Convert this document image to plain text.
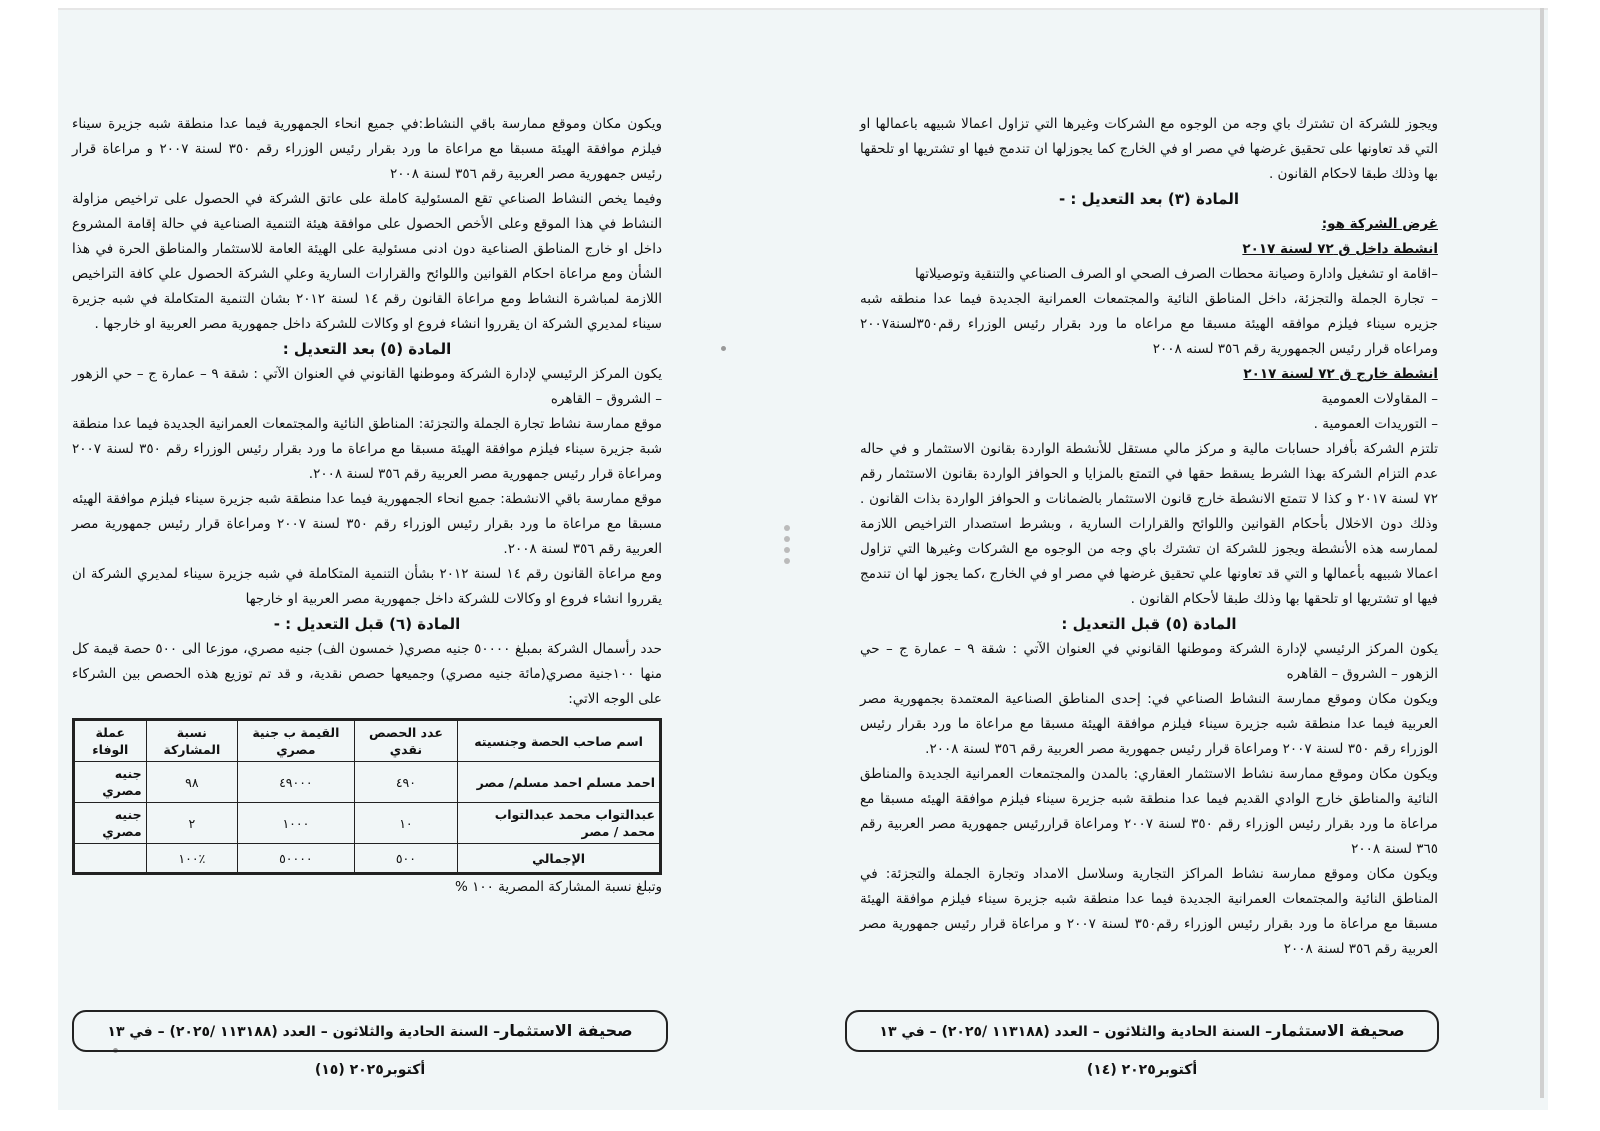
ويجوز للشركة ان تشترك باي وجه من الوجوه مع الشركات وغيرها التي تزاول اعمالا شبيهه باعمالها او التي قد تعاونها على تحقيق غرضها في مصر او في الخارج كما يجوزلها ان تندمج فيها او تشتريها او تلحقها بها وذلك طبقا لاحكام القانون .

المادة (٣) بعد التعديل : -

غرض الشركة هو:

انشطة داخل ق ٧٢ لسنة ٢٠١٧

–اقامة او تشغيل وادارة وصيانة محطات الصرف الصحي او الصرف الصناعي والتنقية وتوصيلاتها

– تجارة الجملة والتجزئة، داخل المناطق النائية والمجتمعات العمرانية الجديدة فيما عدا منطقه شبه جزيره سيناء فيلزم موافقه الهيئة مسبقا مع مراعاه ما ورد بقرار رئيس الوزراء رقم٣٥٠لسنة٢٠٠٧ ومراعاه قرار رئيس الجمهورية رقم ٣٥٦ لسنه ٢٠٠٨

انشطة خارج ق ٧٢ لسنة ٢٠١٧

– المقاولات العمومية

– التوريدات العمومية .

تلتزم الشركة بأفراد حسابات مالية و مركز مالي مستقل للأنشطة الواردة بقانون الاستثمار و في حاله عدم التزام الشركة بهذا الشرط يسقط حقها في التمتع بالمزايا و الحوافز الواردة بقانون الاستثمار رقم ٧٢ لسنة ٢٠١٧ و كذا لا تتمتع الانشطة خارج قانون الاستثمار بالضمانات و الحوافز الواردة بذات القانون . وذلك دون الاخلال بأحكام القوانين واللوائح والقرارات السارية ، وبشرط استصدار التراخيص اللازمة لممارسه هذه الأنشطة ويجوز للشركة ان تشترك باي وجه من الوجوه مع الشركات وغيرها التي تزاول اعمالا شبيهه بأعمالها و التي قد تعاونها علي تحقيق غرضها في مصر او في الخارج ،كما يجوز لها ان تندمج فيها او تشتريها او تلحقها بها وذلك طبقا لأحكام القانون .

المادة (٥) قبل التعديل :

يكون المركز الرئيسي لإدارة الشركة وموطنها القانوني في العنوان الآتي : شقة ٩ – عمارة ج – حي الزهور – الشروق – القاهره

ويكون مكان وموقع ممارسة النشاط الصناعي في: إحدى المناطق الصناعية المعتمدة بجمهورية مصر العربية فيما عدا منطقة شبه جزيرة سيناء فيلزم موافقة الهيئة مسبقا مع مراعاة ما ورد بقرار رئيس الوزراء رقم ٣٥٠ لسنة ٢٠٠٧ ومراعاة قرار رئيس جمهورية مصر العربية رقم ٣٥٦ لسنة ٢٠٠٨.

ويكون مكان وموقع ممارسة نشاط الاستثمار العقاري: بالمدن والمجتمعات العمرانية الجديدة والمناطق النائية والمناطق خارج الوادي القديم فيما عدا منطقة شبه جزيرة سيناء فيلزم موافقة الهيئه مسبقا مع مراعاة ما ورد بقرار رئيس الوزراء رقم ٣٥٠ لسنة ٢٠٠٧ ومراعاة قراررئيس جمهورية مصر العربية رقم ٣٦٥ لسنة ٢٠٠٨

ويكون مكان وموقع ممارسة نشاط المراكز التجارية وسلاسل الامداد وتجارة الجملة والتجزئة: في المناطق النائية والمجتمعات العمرانية الجديدة فيما عدا منطقة شبه جزيرة سيناء فيلزم موافقة الهيئة مسبقا مع مراعاة ما ورد بقرار رئيس الوزراء رقم٣٥٠ لسنة ٢٠٠٧ و مراعاة قرار رئيس جمهورية مصر العربية رقم ٣٥٦ لسنة ٢٠٠٨

صحيفة الاستثمار– السنة الحادية والثلاثون – العدد (١١٣١٨٨ /٢٠٢٥) – في ١٣ أكتوبر٢٠٢٥ (١٤)

ويكون مكان وموقع ممارسة باقي النشاط:في جميع انحاء الجمهورية فيما عدا منطقة شبه جزيرة سيناء فيلزم موافقة الهيئة مسبقا مع مراعاة ما ورد بقرار رئيس الوزراء رقم ٣٥٠ لسنة ٢٠٠٧ و مراعاة قرار رئيس جمهورية مصر العربية رقم ٣٥٦ لسنة ٢٠٠٨

وفيما يخص النشاط الصناعي تقع المسئولية كاملة على عاتق الشركة في الحصول على تراخيص مزاولة النشاط في هذا الموقع وعلى الأخص الحصول على موافقة هيئة التنمية الصناعية في حالة إقامة المشروع داخل او خارج المناطق الصناعية دون ادنى مسئولية على الهيئة العامة للاستثمار والمناطق الحرة في هذا الشأن ومع مراعاة احكام القوانين واللوائح والقرارات السارية وعلي الشركة الحصول علي كافة التراخيص اللازمة لمباشرة النشاط ومع مراعاة القانون رقم ١٤ لسنة ٢٠١٢ بشان التنمية المتكاملة في شبه جزيرة سيناء لمديري الشركة ان يقرروا انشاء فروع او وكالات للشركة داخل جمهورية مصر العربية او خارجها .

المادة (٥) بعد التعديل :

يكون المركز الرئيسي لإدارة الشركة وموطنها القانوني في العنوان الآتي : شقة ٩ – عمارة ج – حي الزهور – الشروق – القاهره

موقع ممارسة نشاط تجارة الجملة والتجزئة: المناطق النائية والمجتمعات العمرانية الجديدة فيما عدا منطقة شبة جزيرة سيناء فيلزم موافقة الهيئة مسبقا مع مراعاة ما ورد بقرار رئيس الوزراء رقم ٣٥٠ لسنة ٢٠٠٧ ومراعاة قرار رئيس جمهورية مصر العربية رقم ٣٥٦ لسنة ٢٠٠٨.

موقع ممارسة باقي الانشطة: جميع انحاء الجمهورية فيما عدا منطقة شبه جزيرة سيناء فيلزم موافقة الهيئه مسبقا مع مراعاة ما ورد بقرار رئيس الوزراء رقم ٣٥٠ لسنة ٢٠٠٧ ومراعاة قرار رئيس جمهورية مصر العربية رقم ٣٥٦ لسنة ٢٠٠٨.

ومع مراعاة القانون رقم ١٤ لسنة ٢٠١٢ بشأن التنمية المتكاملة في شبه جزيرة سيناء لمديري الشركة ان يقرروا انشاء فروع او وكالات للشركة داخل جمهورية مصر العربية او خارجها

المادة (٦) قبل التعديل : -

حدد رأسمال الشركة بمبلغ ٥٠٠٠٠ جنيه مصري( خمسون الف) جنيه مصري، موزعا الى ٥٠٠ حصة قيمة كل منها ١٠٠جنية مصري(مائة جنيه مصري) وجميعها حصص نقدية، و قد تم توزيع هذه الحصص بين الشركاء على الوجه الاتي:

اسم صاحب الحصة وجنسيته	عدد الحصص نقدي	القيمة ب جنية مصري	نسبة المشاركة	عملة الوفاء
احمد مسلم احمد مسلم/ مصر	٤٩٠	٤٩٠٠٠	٩٨	جنيه مصري
عبدالتواب محمد عبدالتواب محمد / مصر	١٠	١٠٠٠	٢	جنيه مصري
الإجمالي	٥٠٠	٥٠٠٠٠	٪١٠٠	

وتبلغ نسبة المشاركة المصرية ١٠٠ %

صحيفة الاستثمار– السنة الحادية والثلاثون – العدد (١١٣١٨٨ /٢٠٢٥) – في ١٣ أكتوبر٢٠٢٥ (١٥)
